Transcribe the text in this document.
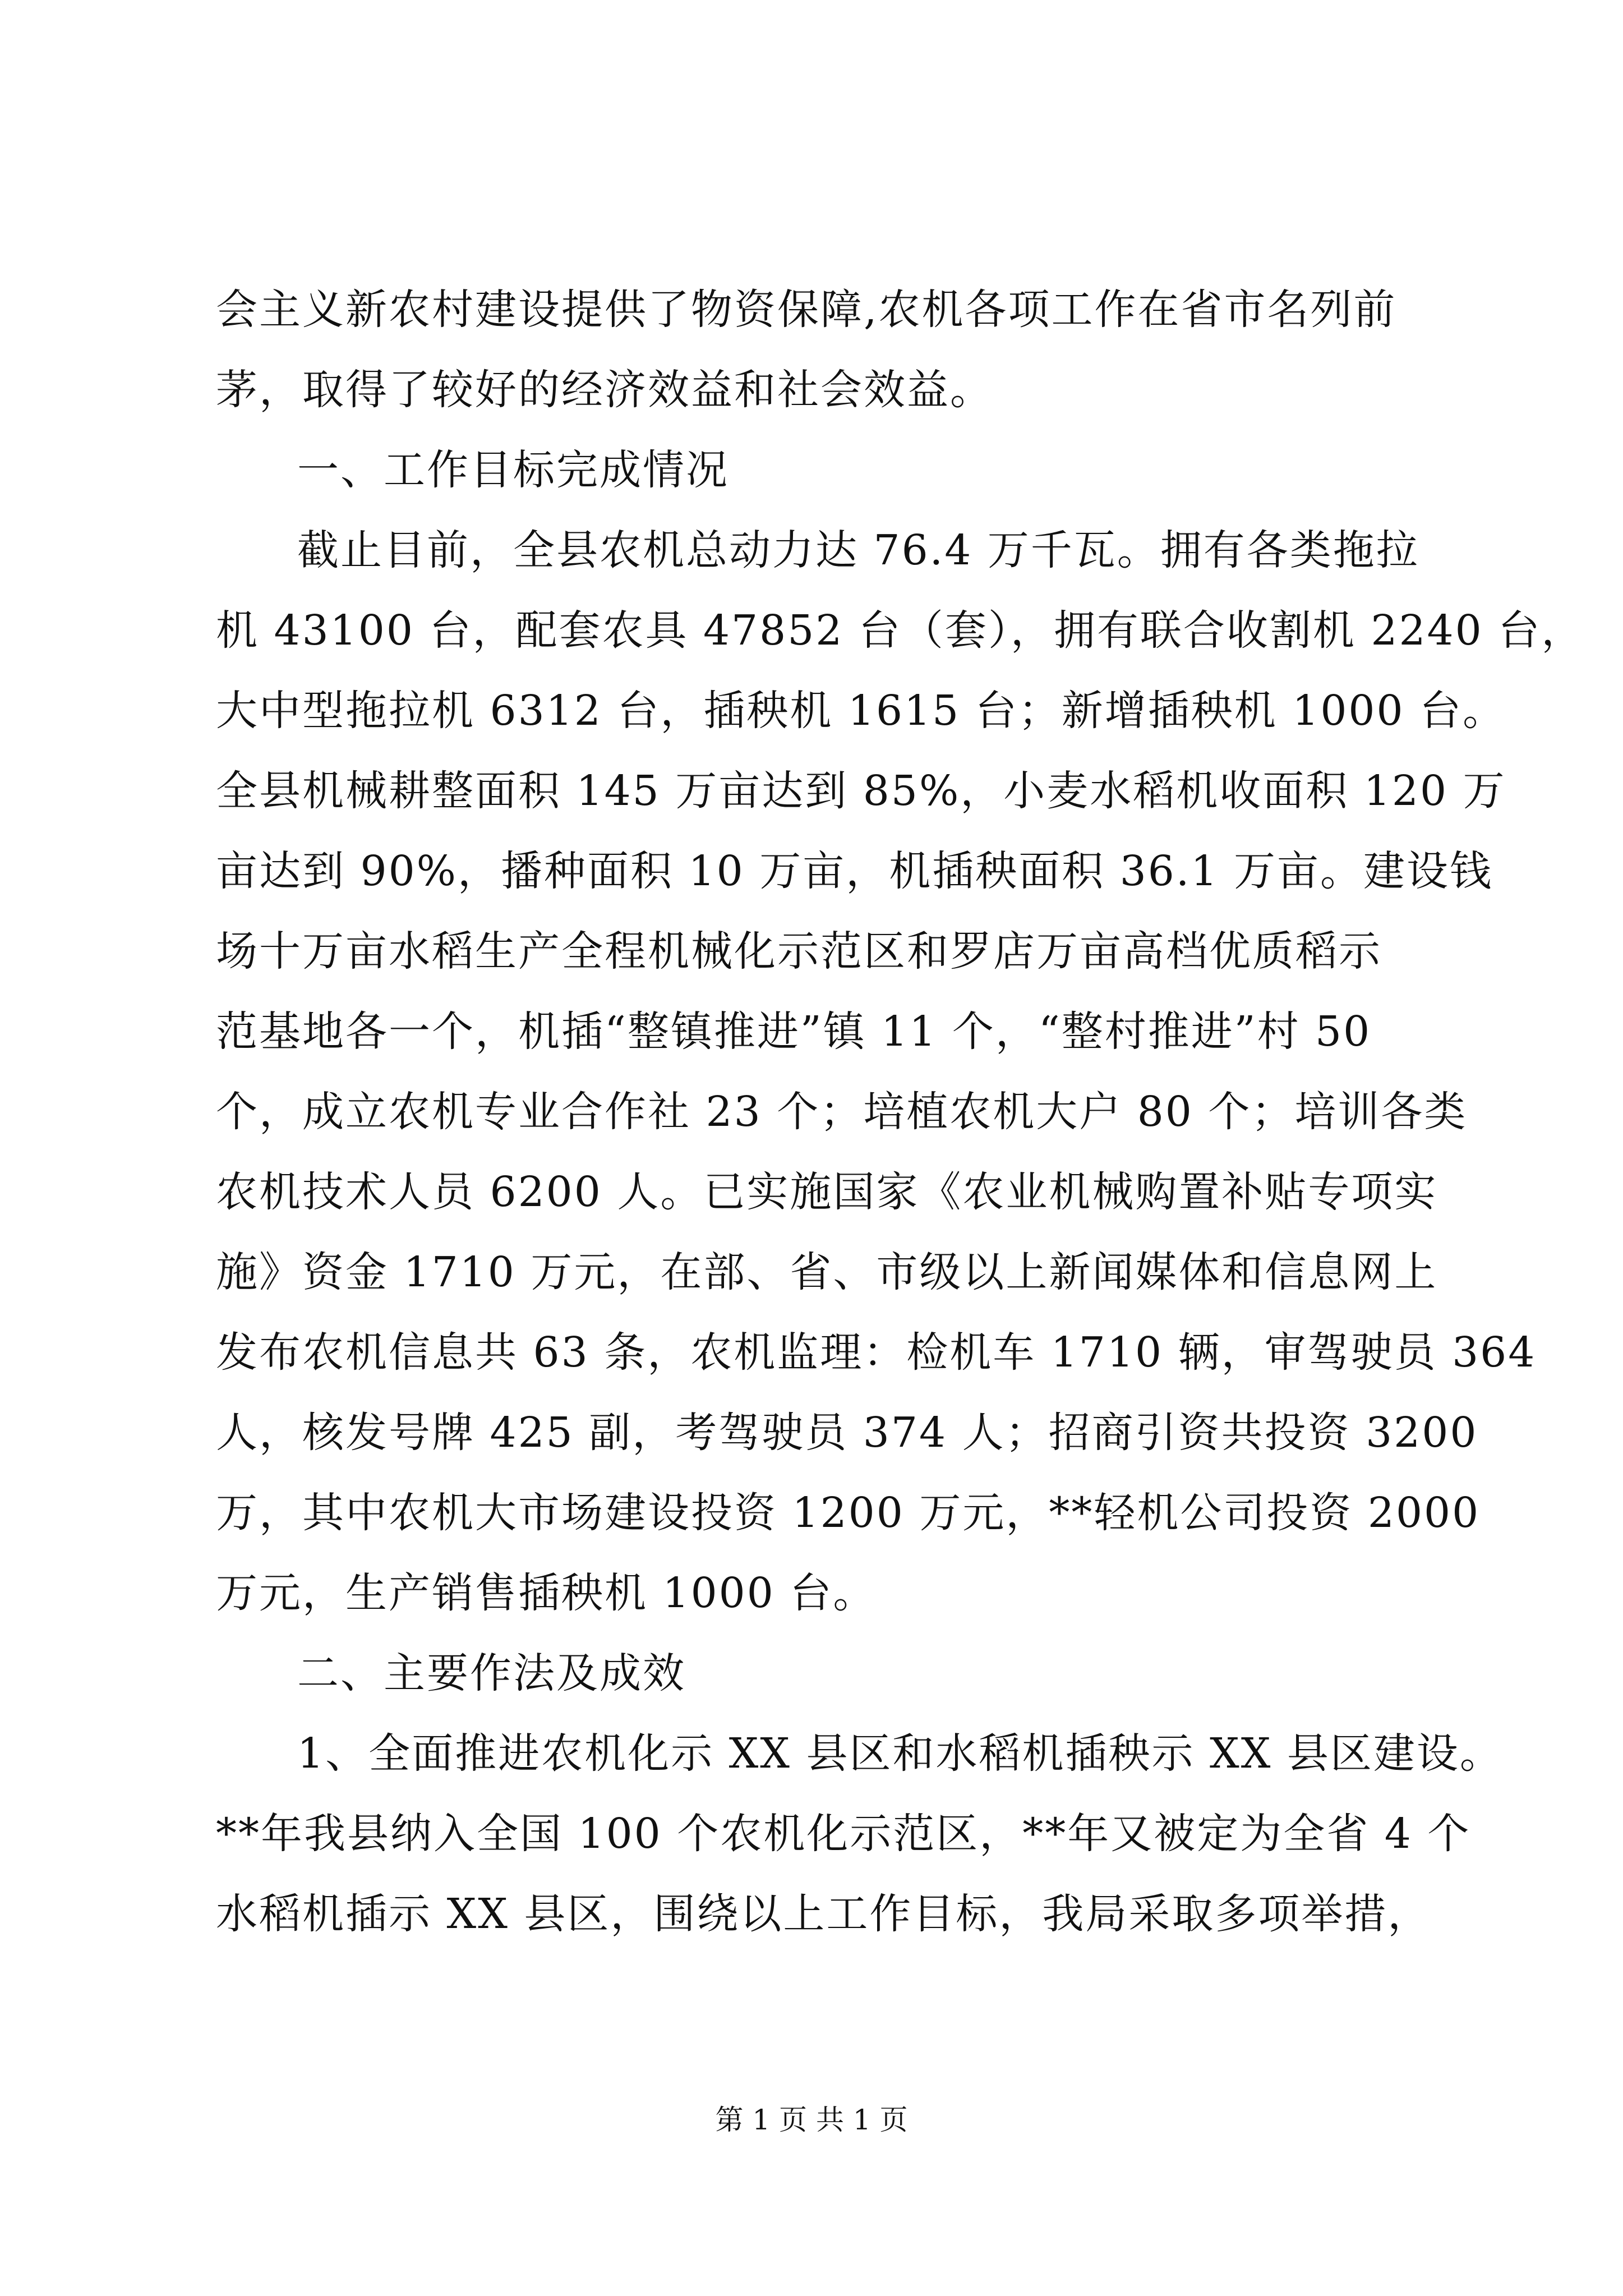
会主义新农村建设提供了物资保障,农机各项工作在省市名列前
茅，取得了较好的经济效益和社会效益。
一、工作目标完成情况
截止目前，全县农机总动力达 76.4 万千瓦。拥有各类拖拉
机 43100 台，配套农具 47852 台（套），拥有联合收割机 2240 台，
大中型拖拉机 6312 台，插秧机 1615 台；新增插秧机 1000 台。
全县机械耕整面积 145 万亩达到 85%，小麦水稻机收面积 120 万
亩达到 90%，播种面积 10 万亩，机插秧面积 36.1 万亩。建设钱
场十万亩水稻生产全程机械化示范区和罗店万亩高档优质稻示
范基地各一个，机插“整镇推进”镇 11 个，“整村推进”村 50
个，成立农机专业合作社 23 个；培植农机大户 80 个；培训各类
农机技术人员 6200 人。已实施国家《农业机械购置补贴专项实
施》资金 1710 万元，在部、省、市级以上新闻媒体和信息网上
发布农机信息共 63 条，农机监理：检机车 1710 辆，审驾驶员 364
人，核发号牌 425 副，考驾驶员 374 人；招商引资共投资 3200
万，其中农机大市场建设投资 1200 万元，**轻机公司投资 2000
万元，生产销售插秧机 1000 台。
二、主要作法及成效
1、全面推进农机化示 XX 县区和水稻机插秧示 XX 县区建设。
**年我县纳入全国 100 个农机化示范区，**年又被定为全省 4 个
水稻机插示 XX 县区，围绕以上工作目标，我局采取多项举措，
第 1 页 共 1 页
